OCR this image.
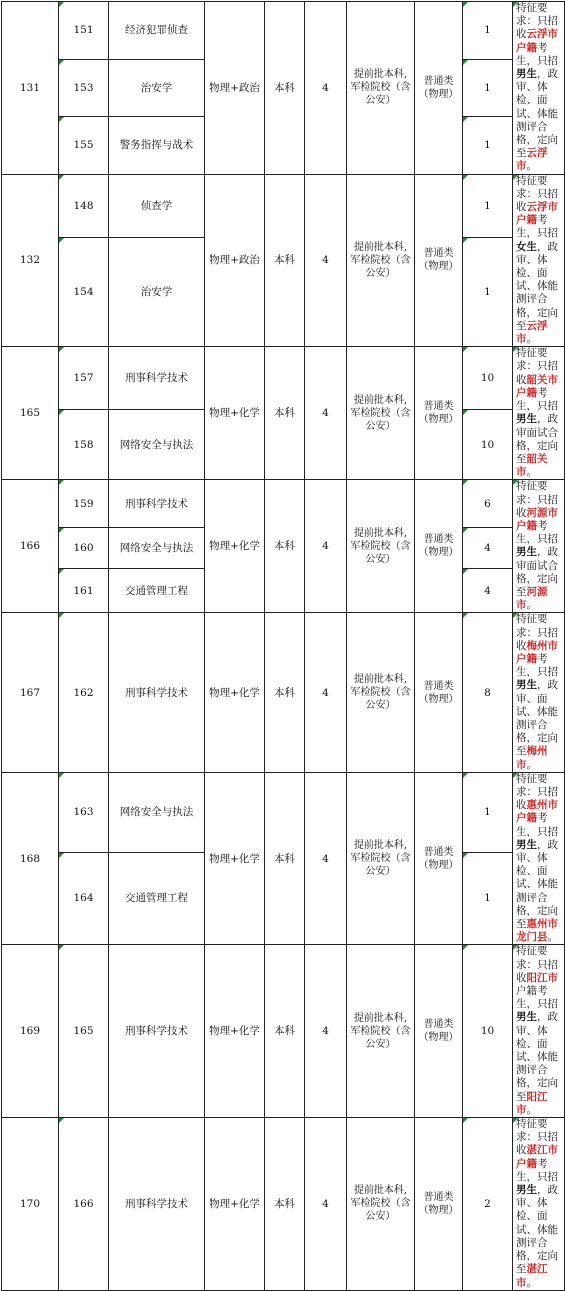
131	151	经济犯罪侦查	物理+政治	本科	4	提前批本科,军检院校（含公安）	普通类（物理）	1	特征要求：只招收云浮市户籍考生，只招男生，政审、体检、面试、体能测评合格，定向至云浮市。
	153	治安学						1	
	155	警务指挥与战术						1	
132	148	侦查学	物理+政治	本科	4	提前批本科,军检院校（含公安）	普通类（物理）	1	特征要求：只招收云浮市户籍考生，只招女生，政审、体检、面试、体能测评合格，定向至云浮市。
	154	治安学						1	
165	157	刑事科学技术	物理+化学	本科	4	提前批本科,军检院校（含公安）	普通类（物理）	10	特征要求：只招收韶关市户籍考生，只招男生，政审面试合格，定向至韶关市。
	158	网络安全与执法						10	
166	159	刑事科学技术	物理+化学	本科	4	提前批本科,军检院校（含公安）	普通类（物理）	6	特征要求：只招收河源市户籍考生，只招男生，政审面试合格，定向至河源市。
	160	网络安全与执法						4	
	161	交通管理工程						4	
167	162	刑事科学技术	物理+化学	本科	4	提前批本科,军检院校（含公安）	普通类（物理）	8	特征要求：只招收梅州市户籍考生，只招男生，政审、面试、体能测评合格，定向至梅州市。
168	163	网络安全与执法	物理+化学	本科	4	提前批本科,军检院校（含公安）	普通类（物理）	1	特征要求：只招收惠州市户籍考生，只招男生，政审、体检、面试、体能测评合格，定向至惠州市龙门县。
	164	交通管理工程						1	
169	165	刑事科学技术	物理+化学	本科	4	提前批本科,军检院校（含公安）	普通类（物理）	10	特征要求：只招收阳江市户籍考生，只招男生，政审、体检、面试、体能测评合格，定向至阳江市。
170	166	刑事科学技术	物理+化学	本科	4	提前批本科,军检院校（含公安）	普通类（物理）	2	特征要求：只招收湛江市户籍考生，只招男生，政审、体检、面试、体能测评合格，定向至湛江市。
